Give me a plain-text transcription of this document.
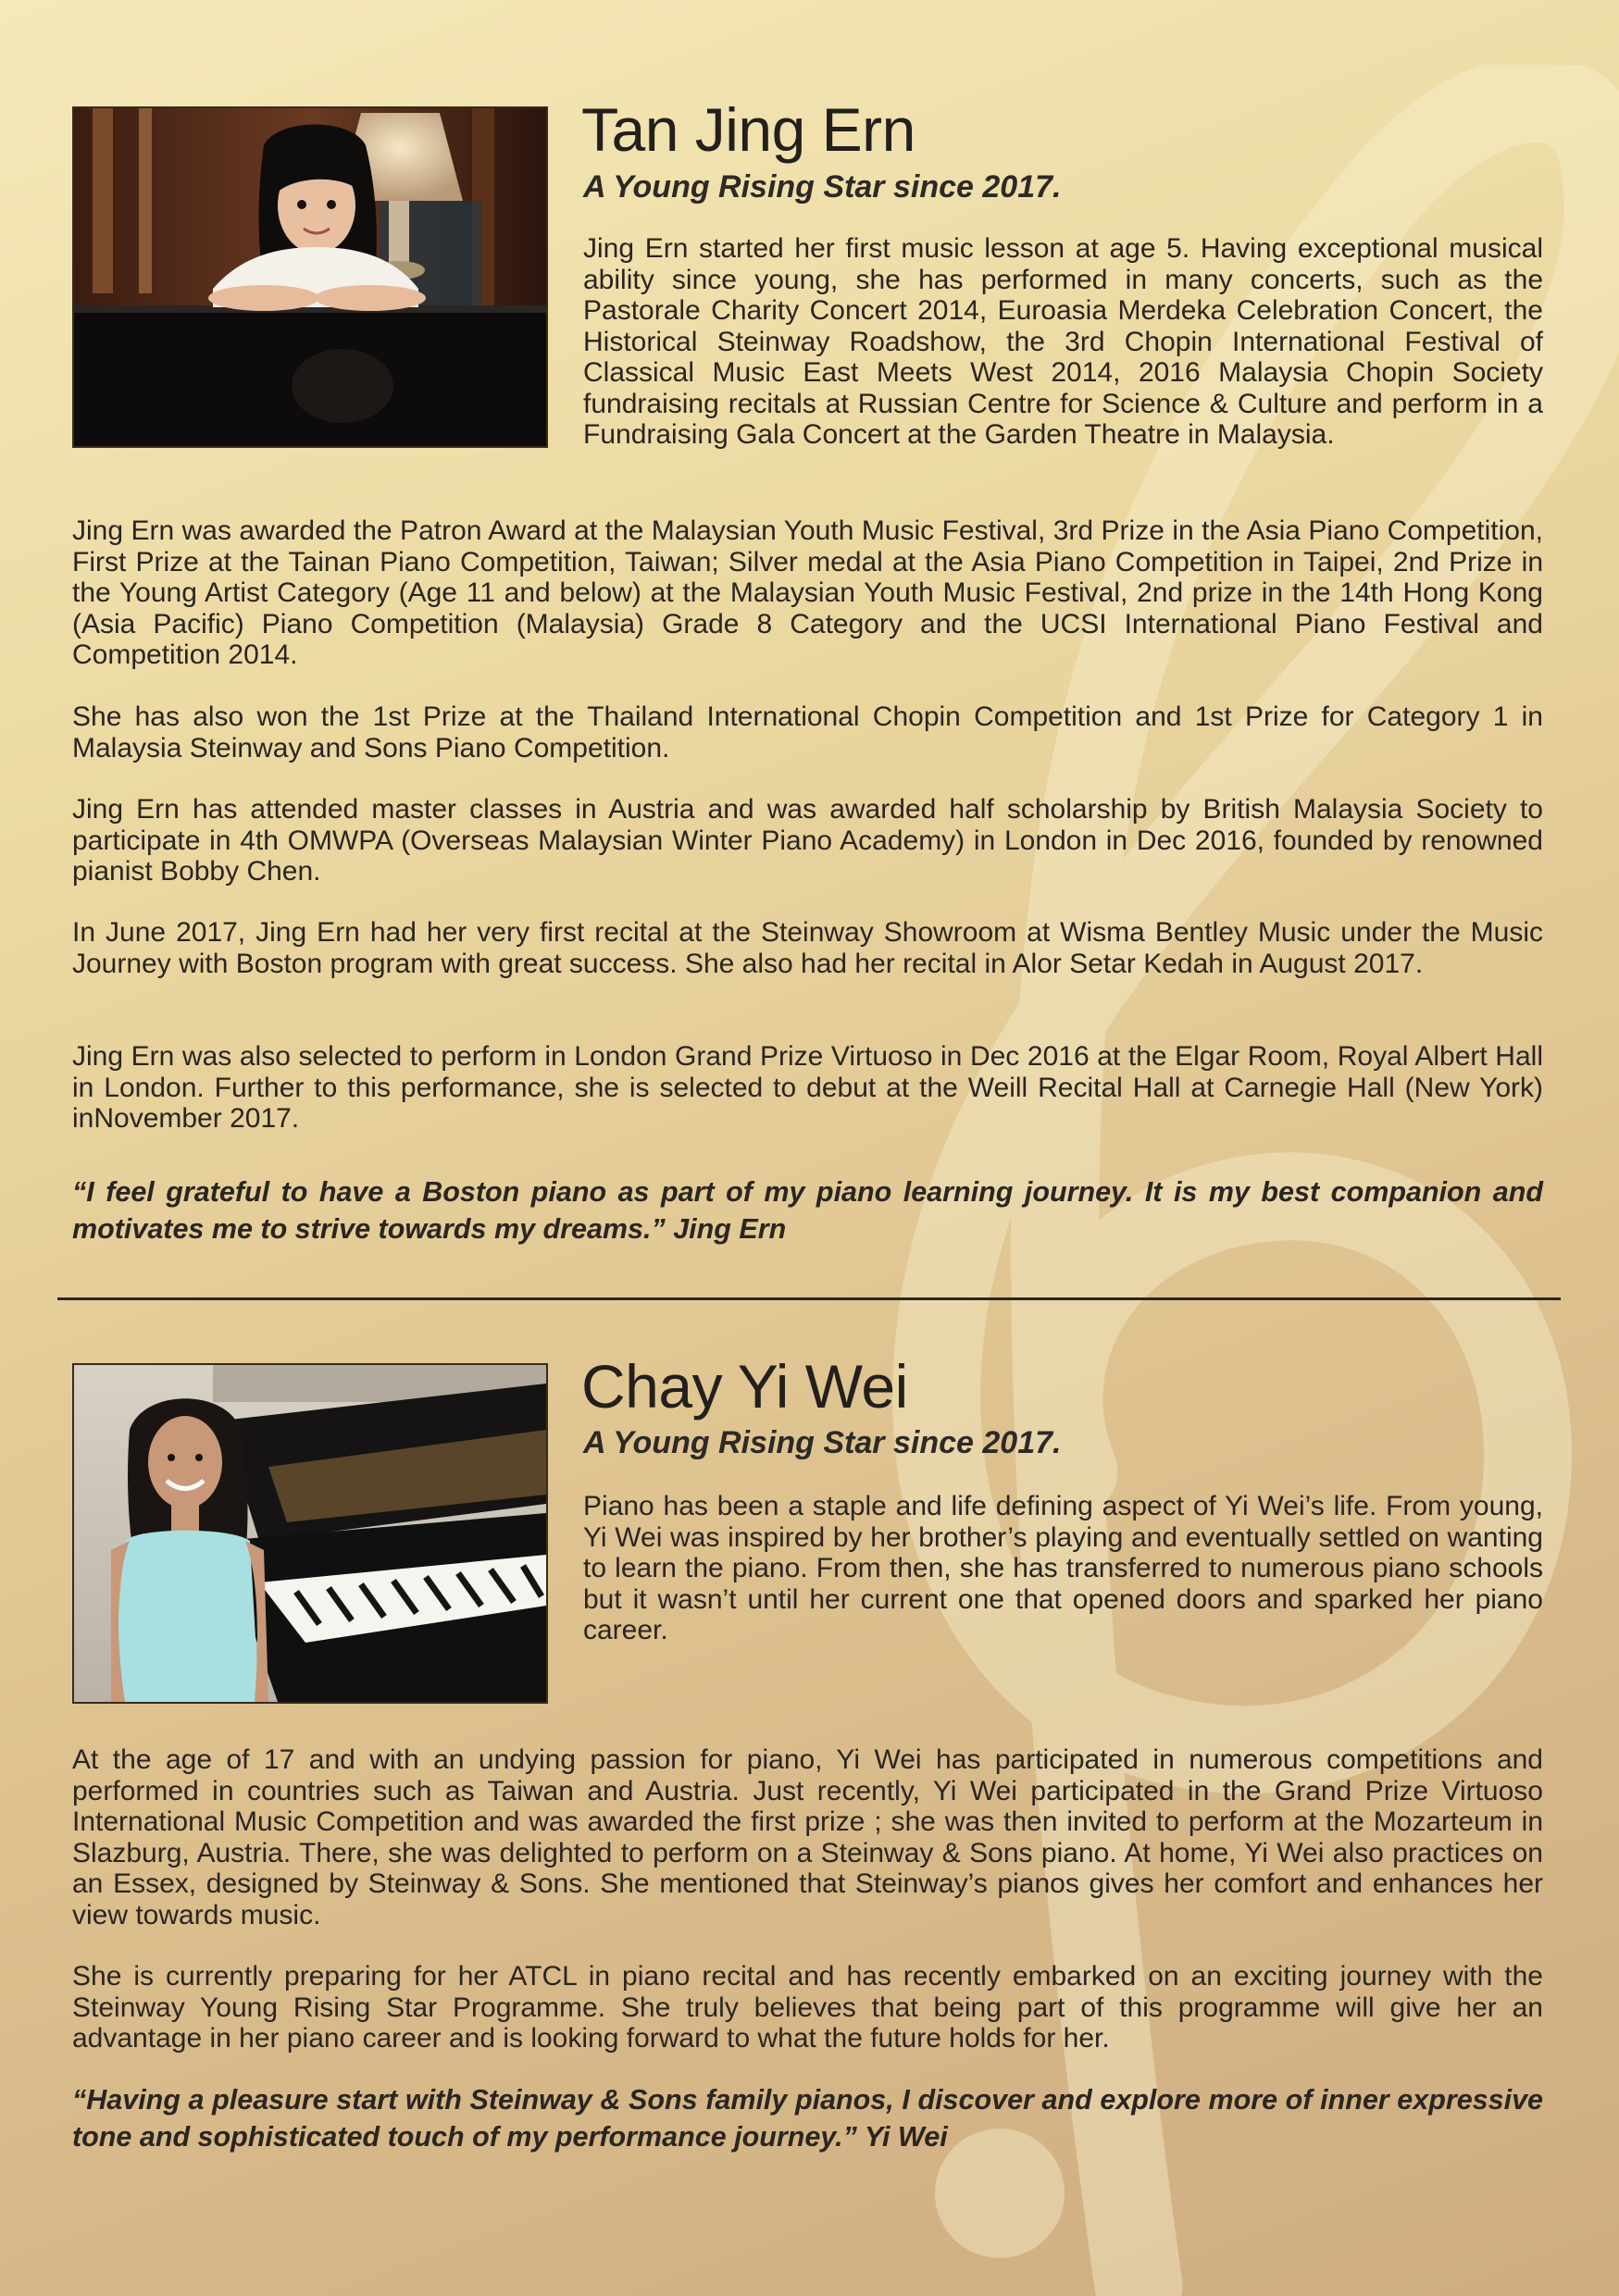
Tan Jing Ern
A Young Rising Star since 2017.

Jing Ern started her first music lesson at age 5. Having exceptional musical ability since young, she has performed in many concerts, such as the Pastorale Charity Concert 2014, Euroasia Merdeka Celebration Concert, the Historical Steinway Roadshow, the 3rd Chopin International Festival of Classical Music East Meets West 2014, 2016 Malaysia Chopin Society fundraising recitals at Russian Centre for Science & Culture and perform in a Fundraising Gala Concert at the Garden Theatre in Malaysia.

Jing Ern was awarded the Patron Award at the Malaysian Youth Music Festival, 3rd Prize in the Asia Piano Competition, First Prize at the Tainan Piano Competition, Taiwan; Silver medal at the Asia Piano Competition in Taipei, 2nd Prize in the Young Artist Category (Age 11 and below) at the Malaysian Youth Music Festival, 2nd prize in the 14th Hong Kong (Asia Pacific) Piano Competition (Malaysia) Grade 8 Category and the UCSI International Piano Festival and Competition 2014.

She has also won the 1st Prize at the Thailand International Chopin Competition and 1st Prize for Category 1 in Malaysia Steinway and Sons Piano Competition.

Jing Ern has attended master classes in Austria and was awarded half scholarship by British Malaysia Society to participate in 4th OMWPA (Overseas Malaysian Winter Piano Academy) in London in Dec 2016, founded by renowned pianist Bobby Chen.

In June 2017, Jing Ern had her very first recital at the Steinway Showroom at Wisma Bentley Music under the Music Journey with Boston program with great success. She also had her recital in Alor Setar Kedah in August 2017.

Jing Ern was also selected to perform in London Grand Prize Virtuoso in Dec 2016 at the Elgar Room, Royal Albert Hall in London. Further to this performance, she is selected to debut at the Weill Recital Hall at Carnegie Hall (New York) inNovember 2017.

“I feel grateful to have a Boston piano as part of my piano learning journey. It is my best companion and motivates me to strive towards my dreams.” Jing Ern

Chay Yi Wei
A Young Rising Star since 2017.

Piano has been a staple and life defining aspect of Yi Wei’s life. From young, Yi Wei was inspired by her brother’s playing and eventually settled on wanting to learn the piano. From then, she has transferred to numerous piano schools but it wasn’t until her current one that opened doors and sparked her piano career.

At the age of 17 and with an undying passion for piano, Yi Wei has participated in numerous competitions and performed in countries such as Taiwan and Austria. Just recently, Yi Wei participated in the Grand Prize Virtuoso International Music Competition and was awarded the first prize ; she was then invited to perform at the Mozarteum in Slazburg, Austria. There, she was delighted to perform on a Steinway & Sons piano. At home, Yi Wei also practices on an Essex, designed by Steinway & Sons. She mentioned that Steinway’s pianos gives her comfort and enhances her view towards music.

She is currently preparing for her ATCL in piano recital and has recently embarked on an exciting journey with the Steinway Young Rising Star Programme. She truly believes that being part of this programme will give her an advantage in her piano career and is looking forward to what the future holds for her.

“Having a pleasure start with Steinway & Sons family pianos, I discover and explore more of inner expressive tone and sophisticated touch of my performance journey.” Yi Wei
